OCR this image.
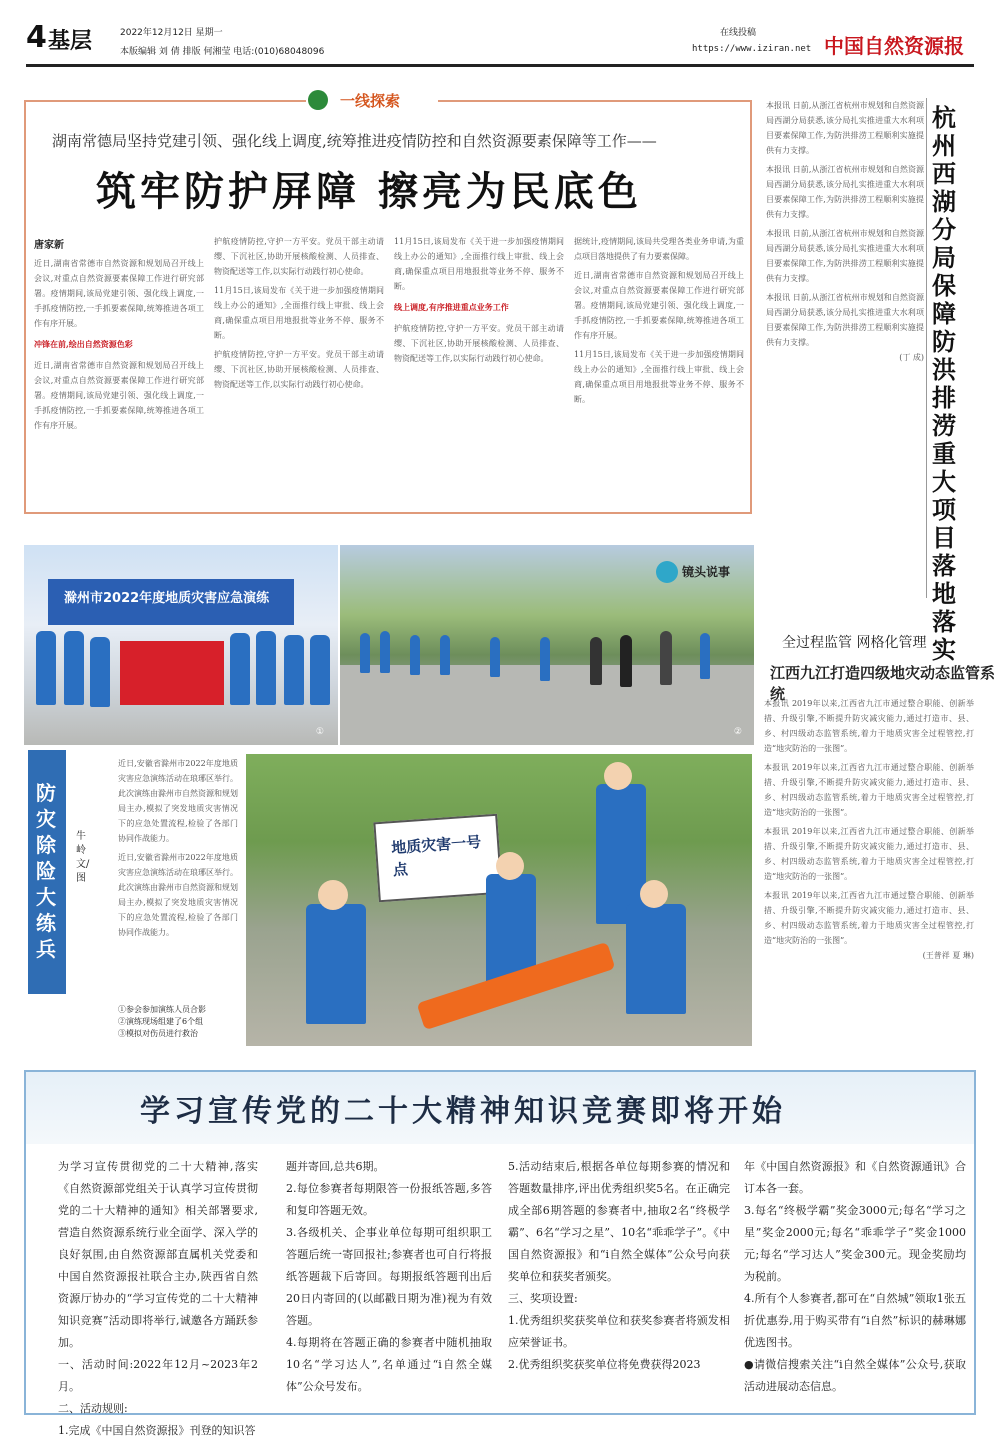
4 基层	2022年12月12日 星期一
本版编辑 刘 倩 排版 何湘莹 电话:(010)68048096
在线投稿
https://www.iziran.net 中国自然资源报
一线探索
湖南常德局坚持党建引领、强化线上调度,统筹推进疫情防控和自然资源要素保障等工作——
筑牢防护屏障 擦亮为民底色
唐家新
近日,湖南省常德市自然资源和规划局召开线上会议,对重点自然资源要素保障工作进行研究部署。疫情期间,该局党建引领、强化线上调度,一手抓疫情防控,一手抓要素保障,统筹推进各项工作有序开展。
冲锋在前,绘出自然资源色彩
近日,湖南省常德市自然资源和规划局召开线上会议,对重点自然资源要素保障工作进行研究部署。疫情期间,该局党建引领、强化线上调度,一手抓疫情防控,一手抓要素保障,统筹推进各项工作有序开展。
护航疫情防控,守护一方平安。党员干部主动请缨、下沉社区,协助开展核酸检测、人员排查、物资配送等工作,以实际行动践行初心使命。
11月15日,该局发布《关于进一步加强疫情期间线上办公的通知》,全面推行线上审批、线上会商,确保重点项目用地报批等业务不停、服务不断。
护航疫情防控,守护一方平安。党员干部主动请缨、下沉社区,协助开展核酸检测、人员排查、物资配送等工作,以实际行动践行初心使命。
11月15日,该局发布《关于进一步加强疫情期间线上办公的通知》,全面推行线上审批、线上会商,确保重点项目用地报批等业务不停、服务不断。
线上调度,有序推进重点业务工作
护航疫情防控,守护一方平安。党员干部主动请缨、下沉社区,协助开展核酸检测、人员排查、物资配送等工作,以实际行动践行初心使命。
据统计,疫情期间,该局共受理各类业务申请,为重点项目落地提供了有力要素保障。
近日,湖南省常德市自然资源和规划局召开线上会议,对重点自然资源要素保障工作进行研究部署。疫情期间,该局党建引领、强化线上调度,一手抓疫情防控,一手抓要素保障,统筹推进各项工作有序开展。
11月15日,该局发布《关于进一步加强疫情期间线上办公的通知》,全面推行线上审批、线上会商,确保重点项目用地报批等业务不停、服务不断。
本报讯 日前,从浙江省杭州市规划和自然资源局西湖分局获悉,该分局扎实推进重大水利项目要素保障工作,为防洪排涝工程顺利实施提供有力支撑。
本报讯 日前,从浙江省杭州市规划和自然资源局西湖分局获悉,该分局扎实推进重大水利项目要素保障工作,为防洪排涝工程顺利实施提供有力支撑。
本报讯 日前,从浙江省杭州市规划和自然资源局西湖分局获悉,该分局扎实推进重大水利项目要素保障工作,为防洪排涝工程顺利实施提供有力支撑。
本报讯 日前,从浙江省杭州市规划和自然资源局西湖分局获悉,该分局扎实推进重大水利项目要素保障工作,为防洪排涝工程顺利实施提供有力支撑。
(丁 成)
杭州西湖分局保障防洪排涝重大项目落地落实
滁州市2022年度地质灾害应急演练
①
镜头说事
②
防灾除险大练兵
牛岭 文/图
近日,安徽省滁州市2022年度地质灾害应急演练活动在琅琊区举行。此次演练由滁州市自然资源和规划局主办,模拟了突发地质灾害情况下的应急处置流程,检验了各部门协同作战能力。
近日,安徽省滁州市2022年度地质灾害应急演练活动在琅琊区举行。此次演练由滁州市自然资源和规划局主办,模拟了突发地质灾害情况下的应急处置流程,检验了各部门协同作战能力。
①参会参加演练人员合影
②演练现场组建了6个组
③模拟对伤员进行救治
地质灾害一号点
全过程监管 网格化管理
江西九江打造四级地灾动态监管系统
本报讯 2019年以来,江西省九江市通过整合职能、创新举措、升级引擎,不断提升防灾减灾能力,通过打造市、县、乡、村四级动态监管系统,着力于地质灾害全过程管控,打造“地灾防治的一张图”。
本报讯 2019年以来,江西省九江市通过整合职能、创新举措、升级引擎,不断提升防灾减灾能力,通过打造市、县、乡、村四级动态监管系统,着力于地质灾害全过程管控,打造“地灾防治的一张图”。
本报讯 2019年以来,江西省九江市通过整合职能、创新举措、升级引擎,不断提升防灾减灾能力,通过打造市、县、乡、村四级动态监管系统,着力于地质灾害全过程管控,打造“地灾防治的一张图”。
本报讯 2019年以来,江西省九江市通过整合职能、创新举措、升级引擎,不断提升防灾减灾能力,通过打造市、县、乡、村四级动态监管系统,着力于地质灾害全过程管控,打造“地灾防治的一张图”。
(王普祥 夏 琳)
学习宣传党的二十大精神知识竞赛即将开始
为学习宣传贯彻党的二十大精神,落实《自然资源部党组关于认真学习宣传贯彻党的二十大精神的通知》相关部署要求,营造自然资源系统行业全面学、深入学的良好氛围,由自然资源部直属机关党委和中国自然资源报社联合主办,陕西省自然资源厅协办的“学习宣传党的二十大精神知识竞赛”活动即将举行,诚邀各方踊跃参加。
一、活动时间:2022年12月~2023年2月。
二、活动规则:
1.完成《中国自然资源报》刊登的知识答
题并寄回,总共6期。
2.每位参赛者每期限答一份报纸答题,多答和复印答题无效。
3.各级机关、企事业单位每期可组织职工答题后统一寄回报社;参赛者也可自行将报纸答题裁下后寄回。每期报纸答题刊出后20日内寄回的(以邮戳日期为准)视为有效答题。
4.每期将在答题正确的参赛者中随机抽取10名“学习达人”,名单通过“i自然全媒体”公众号发布。
5.活动结束后,根据各单位每期参赛的情况和答题数量排序,评出优秀组织奖5名。在正确完成全部6期答题的参赛者中,抽取2名“终极学霸”、6名“学习之星”、10名“乖乖学子”。《中国自然资源报》和“i自然全媒体”公众号向获奖单位和获奖者颁奖。
三、奖项设置:
1.优秀组织奖获奖单位和获奖参赛者将颁发相应荣誉证书。
2.优秀组织奖获奖单位将免费获得2023
年《中国自然资源报》和《自然资源通讯》合订本各一套。
3.每名“终极学霸”奖金3000元;每名“学习之星”奖金2000元;每名“乖乖学子”奖金1000元;每名“学习达人”奖金300元。现金奖励均为税前。
4.所有个人参赛者,都可在“自然城”领取1张五折优惠券,用于购买带有“i自然”标识的赫琳娜优选图书。
●请微信搜索关注“i自然全媒体”公众号,获取活动进展动态信息。
